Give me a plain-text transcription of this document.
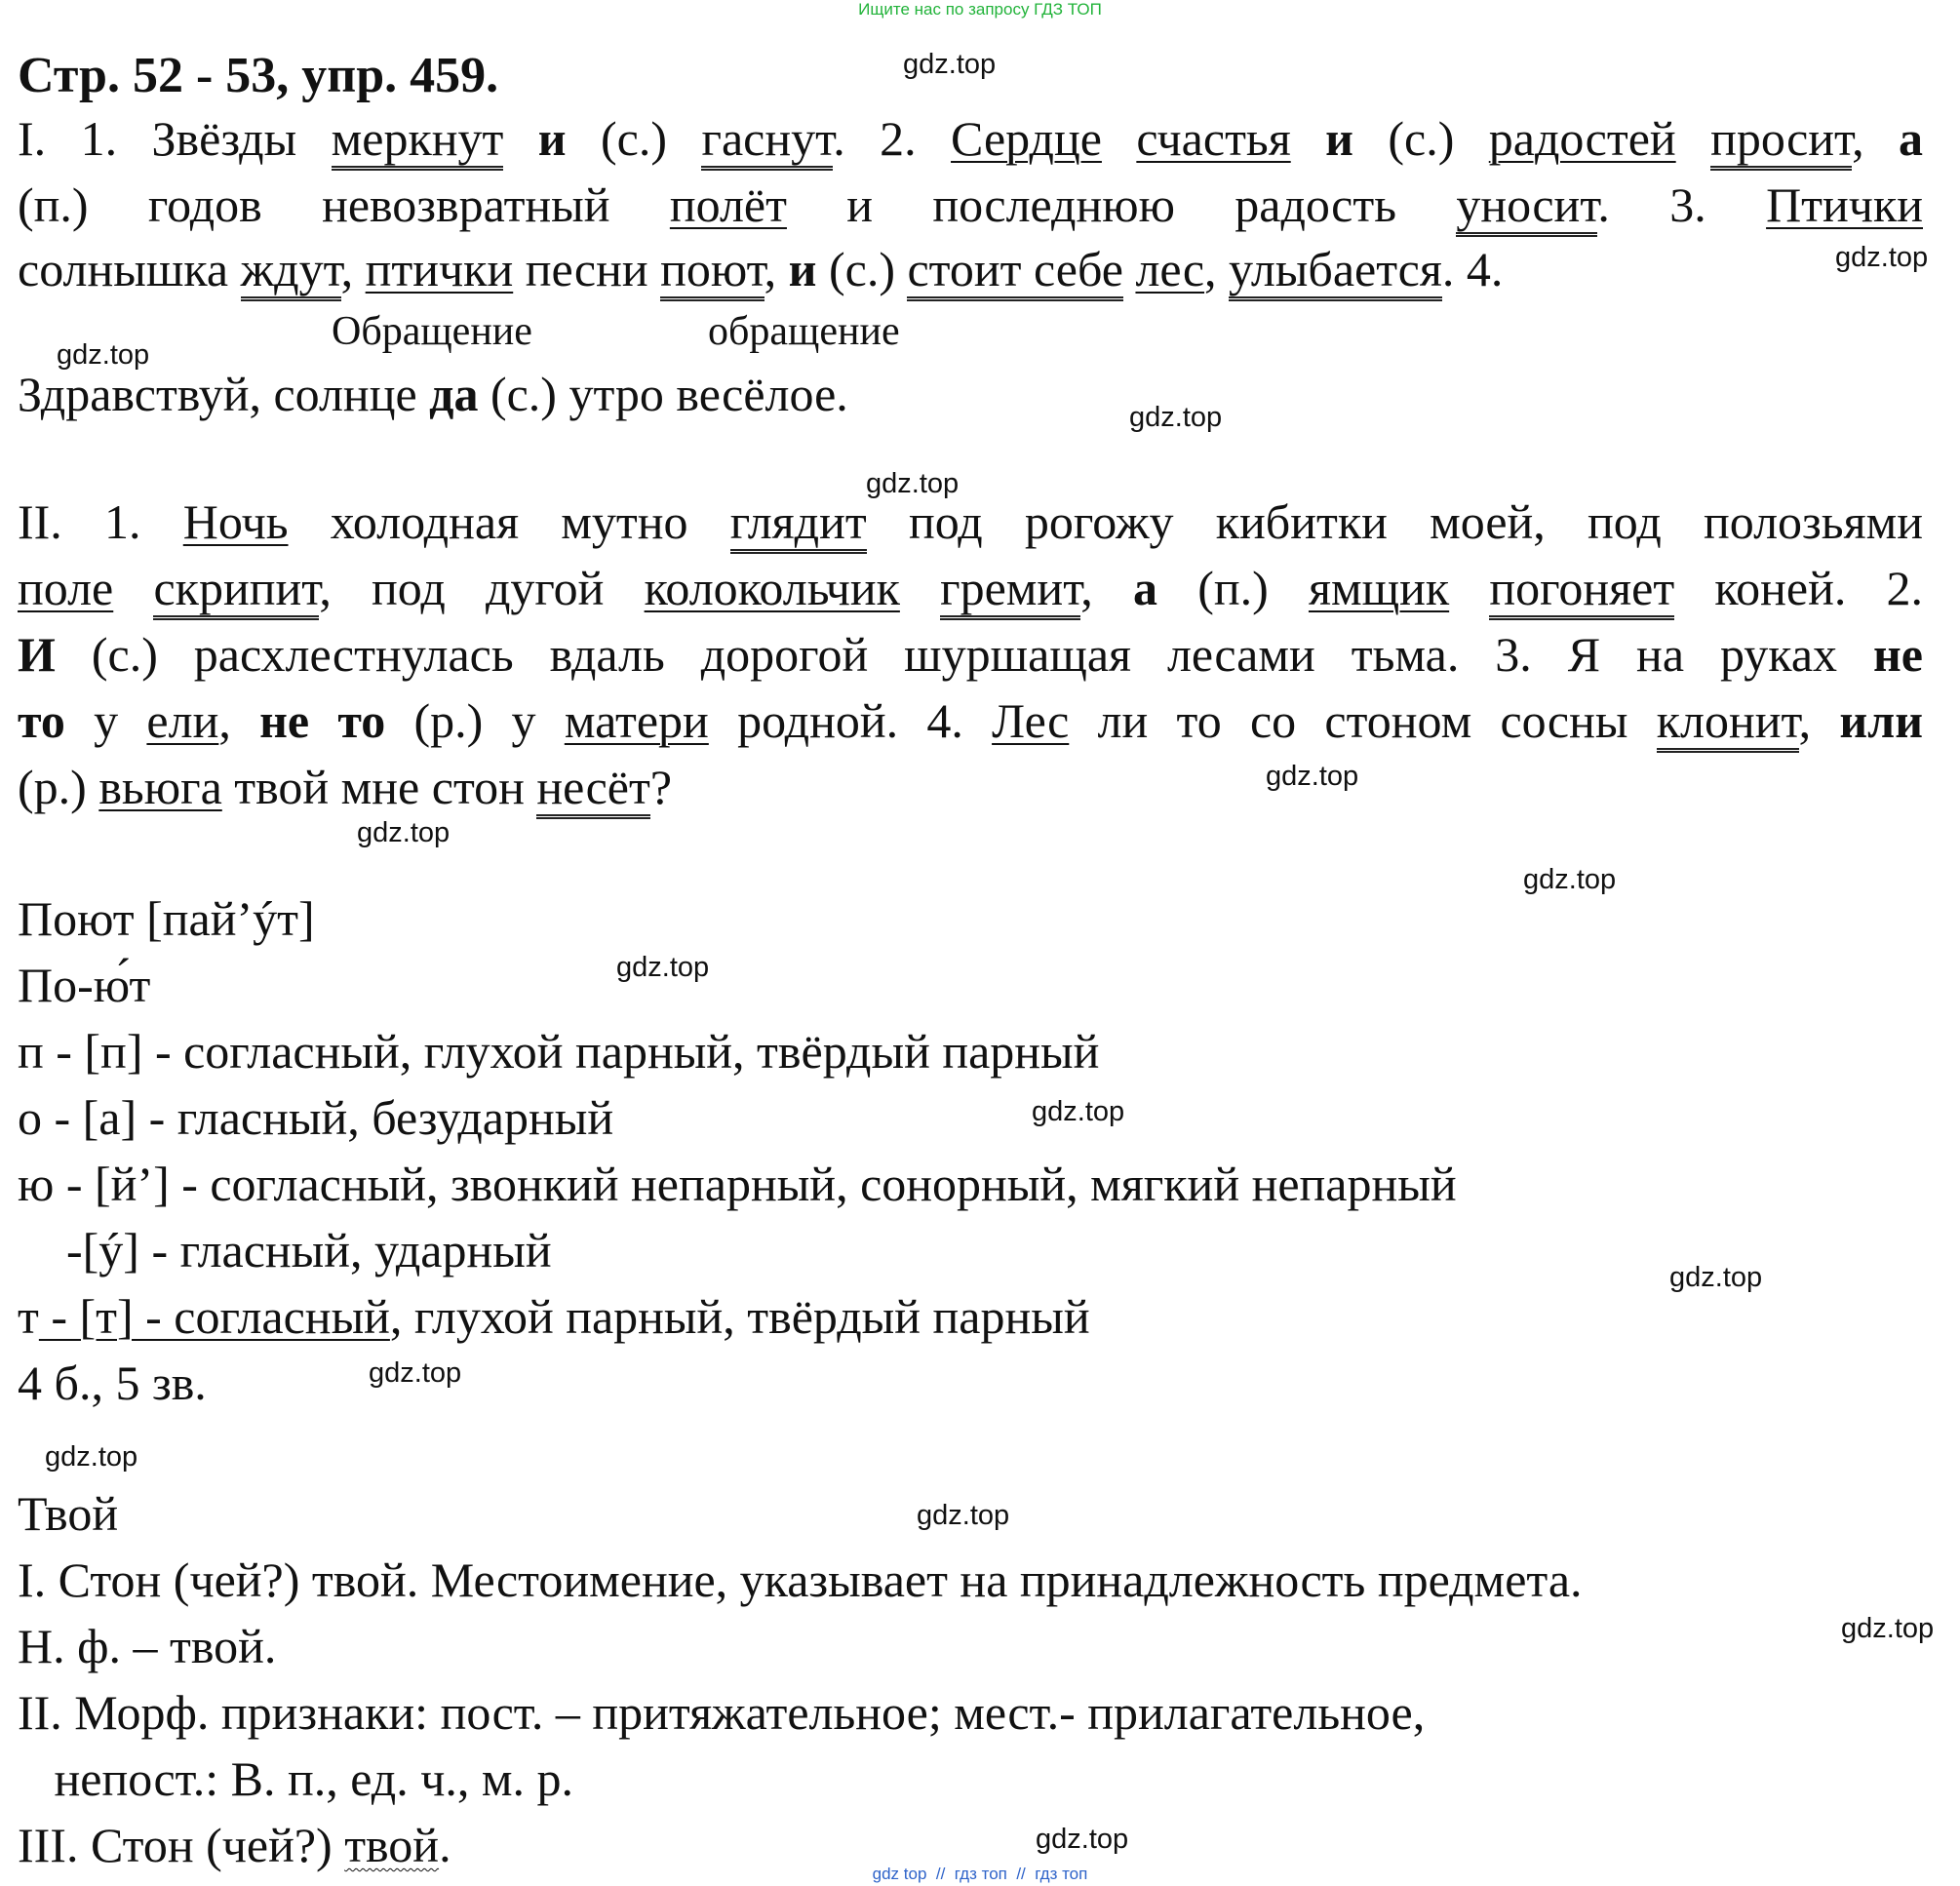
Ищите нас по запросу ГДЗ ТОП
Стр. 52 - 53, упр. 459.
I. 1. Звёзды меркнут и (с.) гаснут. 2. Сердце счастья и (с.) радостей просит, а
(п.) годов невозвратный полёт и последнюю радость уносит. 3. Птички
солнышка ждут, птички песни поют, и (с.) стоит себе лес, улыбается. 4.
Обращение	обращение
Здравствуй, солнце да (с.) утро весёлое.
II. 1. Ночь холодная мутно глядит под рогожу кибитки моей, под полозьями
поле скрипит, под дугой колокольчик гремит, а (п.) ямщик погоняет коней. 2.
И (с.) расхлестнулась вдаль дорогой шуршащая лесами тьма. 3. Я на руках не
то у ели, не то (р.) у матери родной. 4. Лес ли то со стоном сосны клонит, или
(р.) вьюга твой мне стон несёт?
Поют [пай’ýт]
По-ю́т
п - [п] - согласный, глухой парный, твёрдый парный
о - [а] - гласный, безударный
ю - [й’] - согласный, звонкий непарный, сонорный, мягкий непарный
-[ý] - гласный, ударный
т - [т] - согласный, глухой парный, твёрдый парный
4 б., 5 зв.
Твой
I. Стон (чей?) твой. Местоимение, указывает на принадлежность предмета.
Н. ф. – твой.
II. Морф. признаки: пост. – притяжательное; мест.- прилагательное,
непост.: В. п., ед. ч., м. р.
III. Стон (чей?) твой.
gdz.top
gdz.top
gdz.top
gdz.top
gdz.top
gdz.top
gdz.top
gdz.top
gdz.top
gdz.top
gdz.top
gdz.top
gdz.top
gdz.top
gdz.top
gdz.top
gdz top  //  гдз топ  //  гдз топ
